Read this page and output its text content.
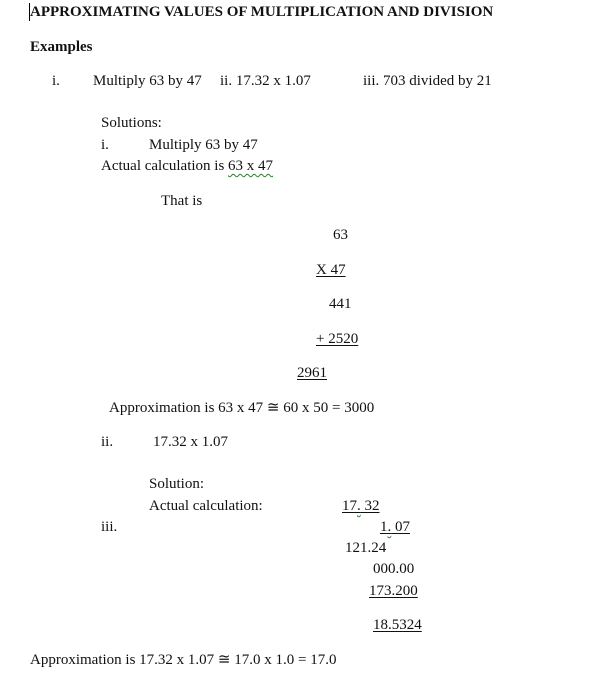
APPROXIMATING VALUES OF MULTIPLICATION AND DIVISION
Examples
i. Multiply 63 by 47 ii. 17.32 x 1.07	iii. 703 divided by 21
Solutions:
i.	Multiply 63 by 47
Actual calculation is 63 x 47
That is
63
X 47
441
+ 2520
2961
Approximation is 63 x 47 ≅ 60 x 50 = 3000
ii.	17.32 x 1.07
Solution:
Actual calculation:	17. 32
iii.	1. 07
121.24
000.00
173.200
18.5324
Approximation is 17.32 x 1.07 ≅ 17.0 x 1.0 = 17.0
